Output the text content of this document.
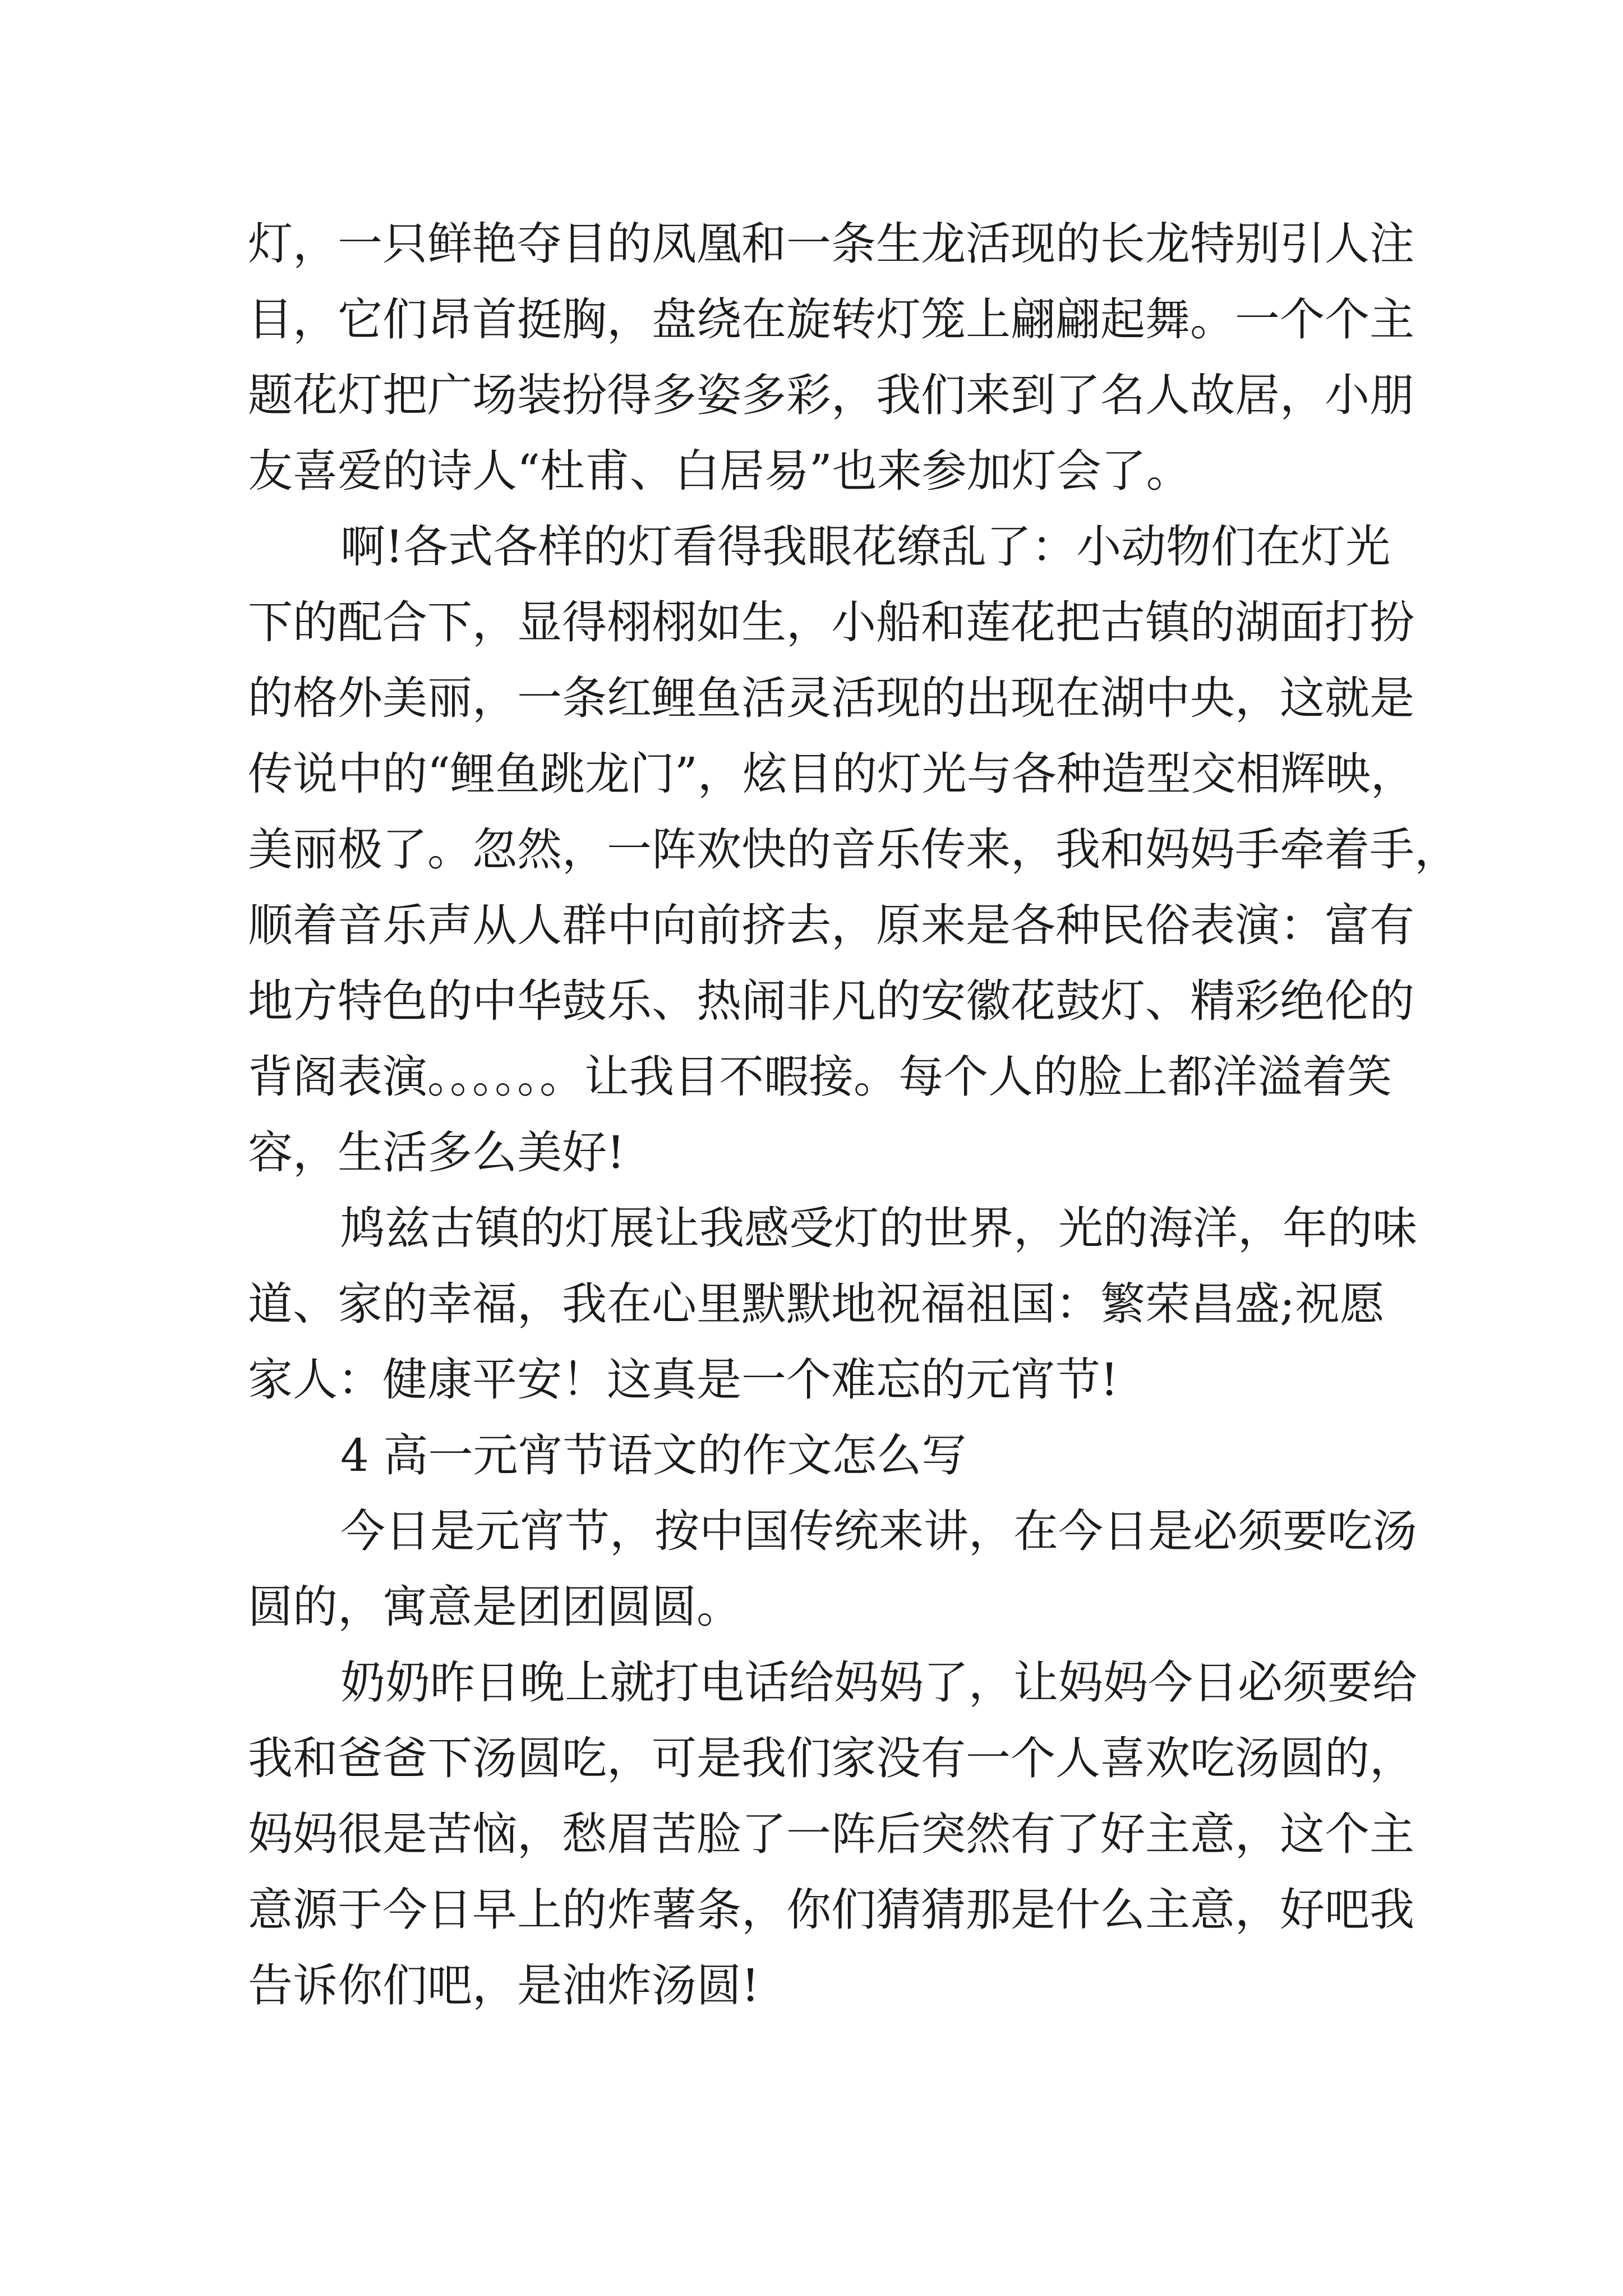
灯，一只鲜艳夺目的凤凰和一条生龙活现的长龙特别引人注

目，它们昂首挺胸，盘绕在旋转灯笼上翩翩起舞。一个个主

题花灯把广场装扮得多姿多彩，我们来到了名人故居，小朋

友喜爱的诗人“杜甫、白居易”也来参加灯会了。

啊!各式各样的灯看得我眼花缭乱了：小动物们在灯光

下的配合下，显得栩栩如生，小船和莲花把古镇的湖面打扮

的格外美丽，一条红鲤鱼活灵活现的出现在湖中央，这就是

传说中的“鲤鱼跳龙门”，炫目的灯光与各种造型交相辉映，

美丽极了。忽然，一阵欢快的音乐传来，我和妈妈手牵着手，

顺着音乐声从人群中向前挤去，原来是各种民俗表演：富有

地方特色的中华鼓乐、热闹非凡的安徽花鼓灯、精彩绝伦的

背阁表演。。。。。。让我目不暇接。每个人的脸上都洋溢着笑

容，生活多么美好!

鸠兹古镇的灯展让我感受灯的世界，光的海洋，年的味

道、家的幸福，我在心里默默地祝福祖国：繁荣昌盛;祝愿

家人：健康平安！这真是一个难忘的元宵节!

4 高一元宵节语文的作文怎么写

今日是元宵节，按中国传统来讲，在今日是必须要吃汤

圆的，寓意是团团圆圆。

奶奶昨日晚上就打电话给妈妈了，让妈妈今日必须要给

我和爸爸下汤圆吃，可是我们家没有一个人喜欢吃汤圆的，

妈妈很是苦恼，愁眉苦脸了一阵后突然有了好主意，这个主

意源于今日早上的炸薯条，你们猜猜那是什么主意，好吧我

告诉你们吧，是油炸汤圆!
